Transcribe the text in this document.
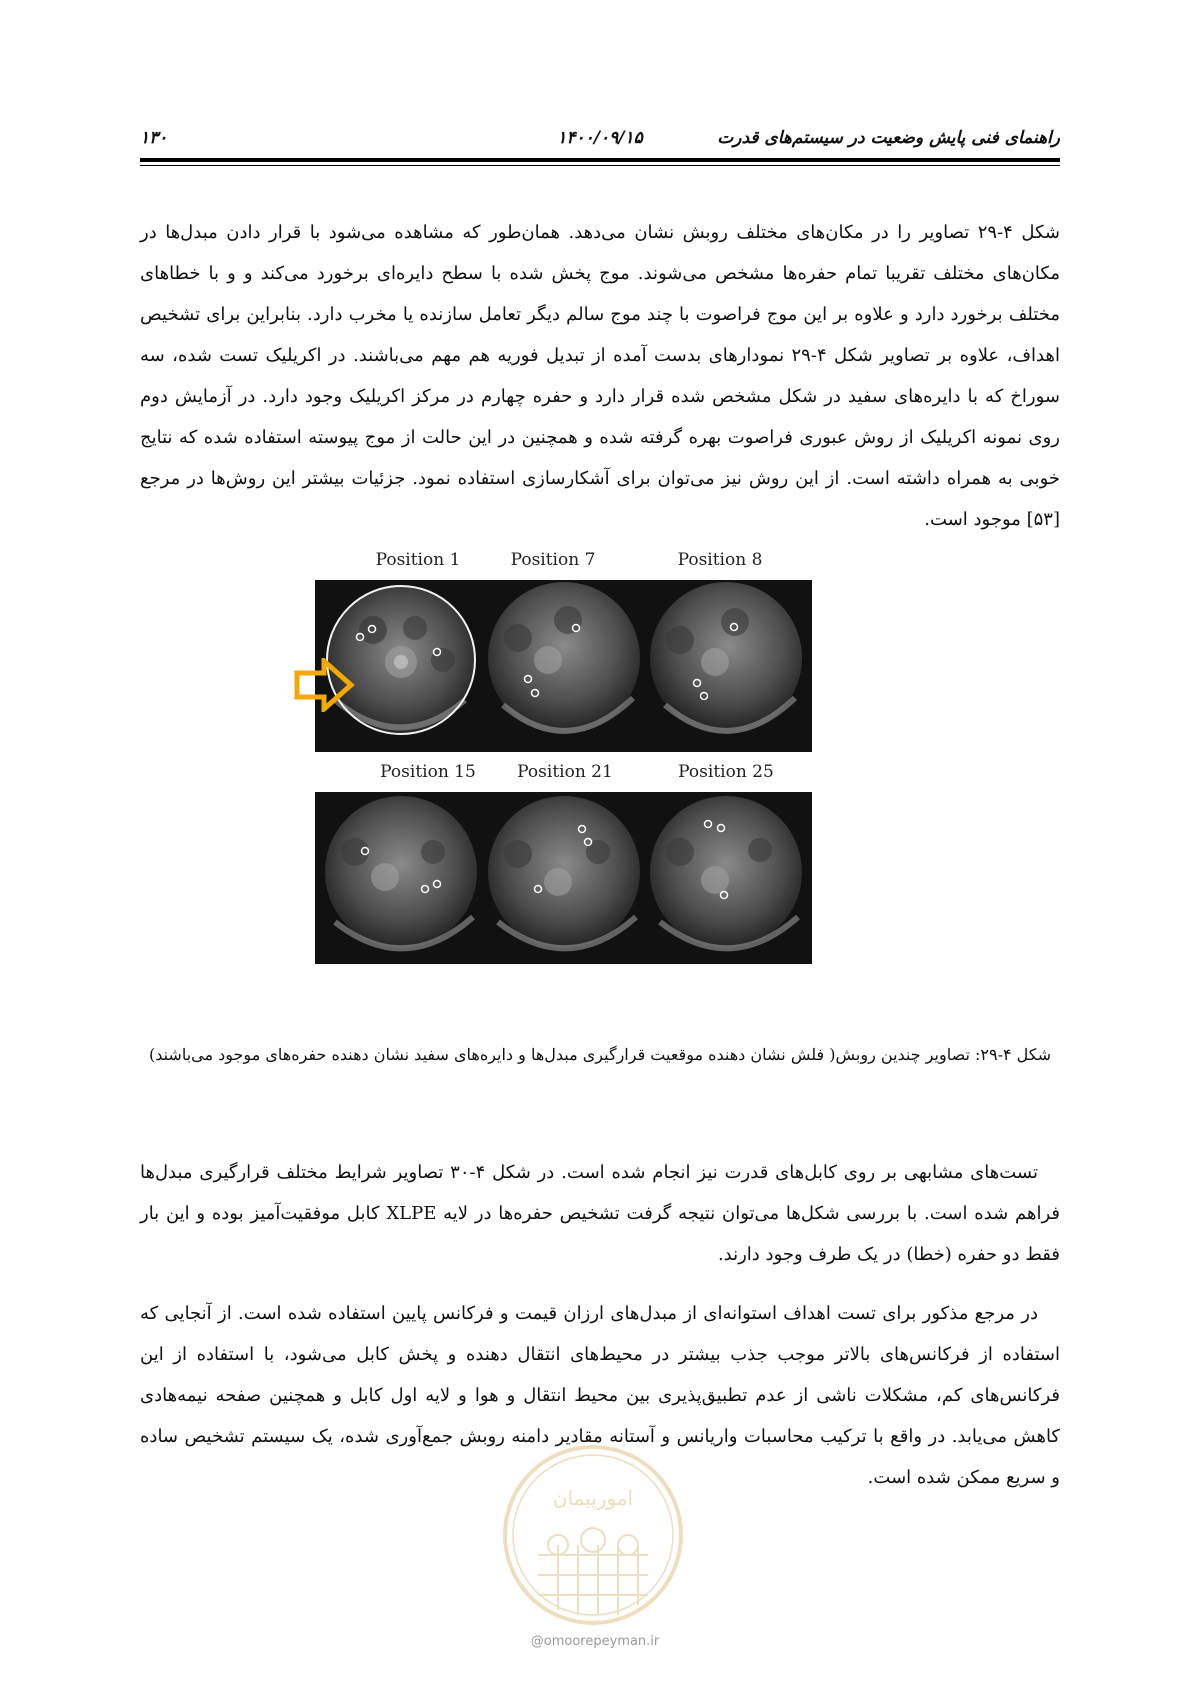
راهنمای فنی پایش وضعیت در سیستم‌های قدرت
۱۴۰۰/۰۹/۱۵
۱۳۰

شکل ۴-۲۹ تصاویر را در مکان‌های مختلف روبش نشان می‌دهد. همان‌طور که مشاهده می‌شود با قرار دادن مبدل‌ها در مکان‌های مختلف تقریبا تمام حفره‌ها مشخص می‌شوند. موج پخش شده با سطح دایره‌ای برخورد می‌کند و و با خطاهای مختلف برخورد دارد و علاوه بر این موج فراصوت با چند موج سالم دیگر تعامل سازنده یا مخرب دارد. بنابراین برای تشخیص اهداف، علاوه بر تصاویر شکل ۴-۲۹ نمودارهای بدست آمده از تبدیل فوریه هم مهم می‌باشند. در اکریلیک تست شده، سه سوراخ که با دایره‌های سفید در شکل مشخص شده قرار دارد و حفره چهارم در مرکز اکریلیک وجود دارد. در آزمایش دوم روی نمونه اکریلیک از روش عبوری فراصوت بهره گرفته شده و همچنین در این حالت از موج پیوسته استفاده شده که نتایج خوبی به همراه داشته است. از این روش نیز می‌توان برای آشکارسازی استفاده نمود. جزئیات بیشتر این روش‌ها در مرجع [۵۳] موجود است.

Position 1	Position 7	Position 8
Position 15	Position 21	Position 25
شکل ۴-۲۹: تصاویر چندین روبش( فلش نشان دهنده موقعیت قرارگیری مبدل‌ها و دایره‌های سفید نشان دهنده حفره‌های موجود می‌باشند)

تست‌های مشابهی بر روی کابل‌های قدرت نیز انجام شده است. در شکل ۴-۳۰ تصاویر شرایط مختلف قرارگیری مبدل‌ها فراهم شده است. با بررسی شکل‌ها می‌توان نتیجه گرفت تشخیص حفره‌ها در لایه XLPE کابل موفقیت‌آمیز بوده و این بار فقط دو حفره (خطا) در یک طرف وجود دارند.

در مرجع مذکور برای تست اهداف استوانه‌ای از مبدل‌های ارزان قیمت و فرکانس پایین استفاده شده است. از آنجایی که استفاده از فرکانس‌های بالاتر موجب جذب بیشتر در محیط‌های انتقال دهنده و پخش کابل می‌شود، با استفاده از این فرکانس‌های کم، مشکلات ناشی از عدم تطبیق‌پذیری بین محیط انتقال و هوا و لایه اول کابل و همچنین صفحه نیمه‌هادی کاهش می‌یابد. در واقع با ترکیب محاسبات واریانس و آستانه مقادیر دامنه روبش جمع‌آوری شده، یک سیستم تشخیص ساده و سریع ممکن شده است.

امورپیمان
@omoorepeyman.ir
